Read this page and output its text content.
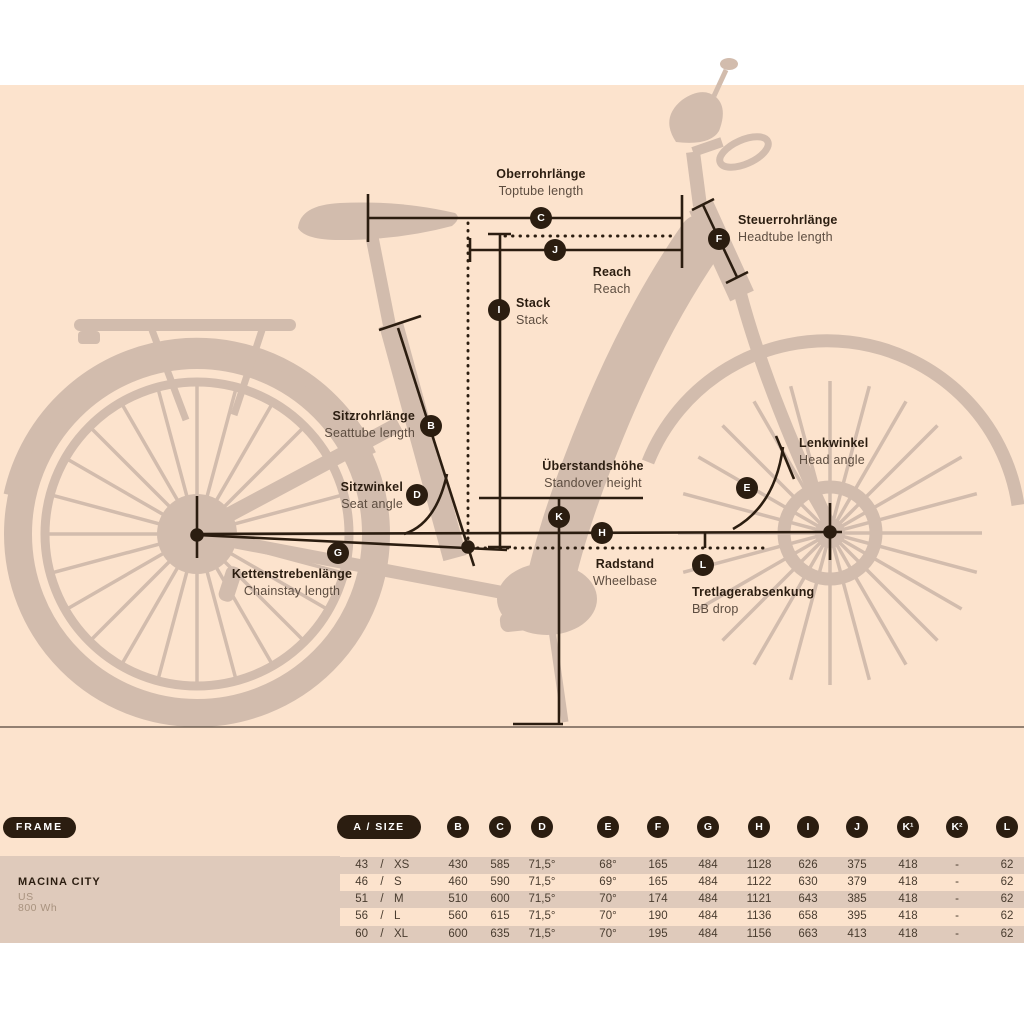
Oberrohrlänge
Toptube length
Steuerrohrlänge
Headtube length
Reach
Reach
Stack
Stack
Sitzrohrlänge
Seattube length
Sitzwinkel
Seat angle
Kettenstrebenlänge
Chainstay length
Überstandshöhe
Standover height
Radstand
Wheelbase
Tretlagerabsenkung
BB drop
Lenkwinkel
Head angle
C
J
I
F
B
D
G
K
H
L
E
FRAME	A / SIZE
MACINA CITY
US
800 Wh
B	C	D	E	F	G	H	I	J	K¹	K²	L
43	/ XS	430	585	71,5°	68°	165	484	1128	626	375	418	-	62
46	/ S	460	590	71,5°	69°	165	484	1122	630	379	418	-	62
51	/ M	510	600	71,5°	70°	174	484	1121	643	385	418	-	62
56	/ L	560	615	71,5°	70°	190	484	1136	658	395	418	-	62
60	/ XL	600	635	71,5°	70°	195	484	1156	663	413	418	-	62
